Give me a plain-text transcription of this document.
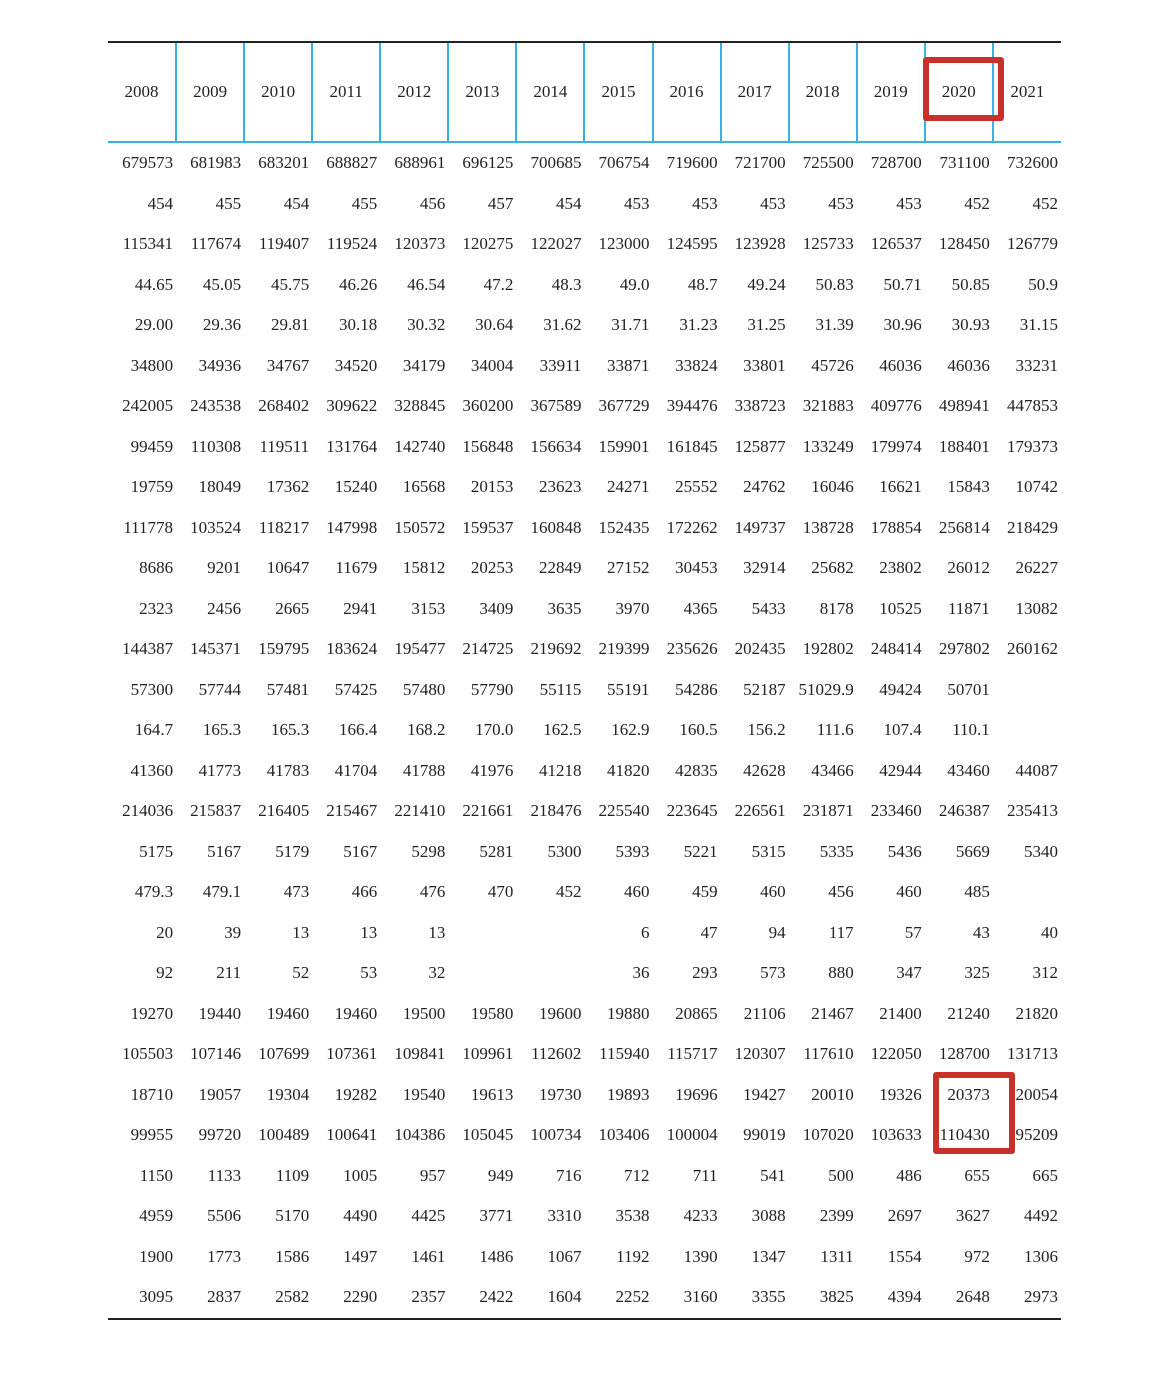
2008	2009	2010	2011	2012	2013	2014	2015	2016	2017	2018	2019	2020	2021
679573	681983	683201	688827	688961	696125	700685	706754	719600	721700	725500	728700	731100	732600
454	455	454	455	456	457	454	453	453	453	453	453	452	452
115341	117674	119407	119524	120373	120275	122027	123000	124595	123928	125733	126537	128450	126779
44.65	45.05	45.75	46.26	46.54	47.2	48.3	49.0	48.7	49.24	50.83	50.71	50.85	50.9
29.00	29.36	29.81	30.18	30.32	30.64	31.62	31.71	31.23	31.25	31.39	30.96	30.93	31.15
34800	34936	34767	34520	34179	34004	33911	33871	33824	33801	45726	46036	46036	33231
242005	243538	268402	309622	328845	360200	367589	367729	394476	338723	321883	409776	498941	447853
99459	110308	119511	131764	142740	156848	156634	159901	161845	125877	133249	179974	188401	179373
19759	18049	17362	15240	16568	20153	23623	24271	25552	24762	16046	16621	15843	10742
111778	103524	118217	147998	150572	159537	160848	152435	172262	149737	138728	178854	256814	218429
8686	9201	10647	11679	15812	20253	22849	27152	30453	32914	25682	23802	26012	26227
2323	2456	2665	2941	3153	3409	3635	3970	4365	5433	8178	10525	11871	13082
144387	145371	159795	183624	195477	214725	219692	219399	235626	202435	192802	248414	297802	260162
57300	57744	57481	57425	57480	57790	55115	55191	54286	52187	51029.9	49424	50701	
164.7	165.3	165.3	166.4	168.2	170.0	162.5	162.9	160.5	156.2	111.6	107.4	110.1	
41360	41773	41783	41704	41788	41976	41218	41820	42835	42628	43466	42944	43460	44087
214036	215837	216405	215467	221410	221661	218476	225540	223645	226561	231871	233460	246387	235413
5175	5167	5179	5167	5298	5281	5300	5393	5221	5315	5335	5436	5669	5340
479.3	479.1	473	466	476	470	452	460	459	460	456	460	485	
20	39	13	13	13			6	47	94	117	57	43	40
92	211	52	53	32			36	293	573	880	347	325	312
19270	19440	19460	19460	19500	19580	19600	19880	20865	21106	21467	21400	21240	21820
105503	107146	107699	107361	109841	109961	112602	115940	115717	120307	117610	122050	128700	131713
18710	19057	19304	19282	19540	19613	19730	19893	19696	19427	20010	19326	20373	20054
99955	99720	100489	100641	104386	105045	100734	103406	100004	99019	107020	103633	110430	95209
1150	1133	1109	1005	957	949	716	712	711	541	500	486	655	665
4959	5506	5170	4490	4425	3771	3310	3538	4233	3088	2399	2697	3627	4492
1900	1773	1586	1497	1461	1486	1067	1192	1390	1347	1311	1554	972	1306
3095	2837	2582	2290	2357	2422	1604	2252	3160	3355	3825	4394	2648	2973
